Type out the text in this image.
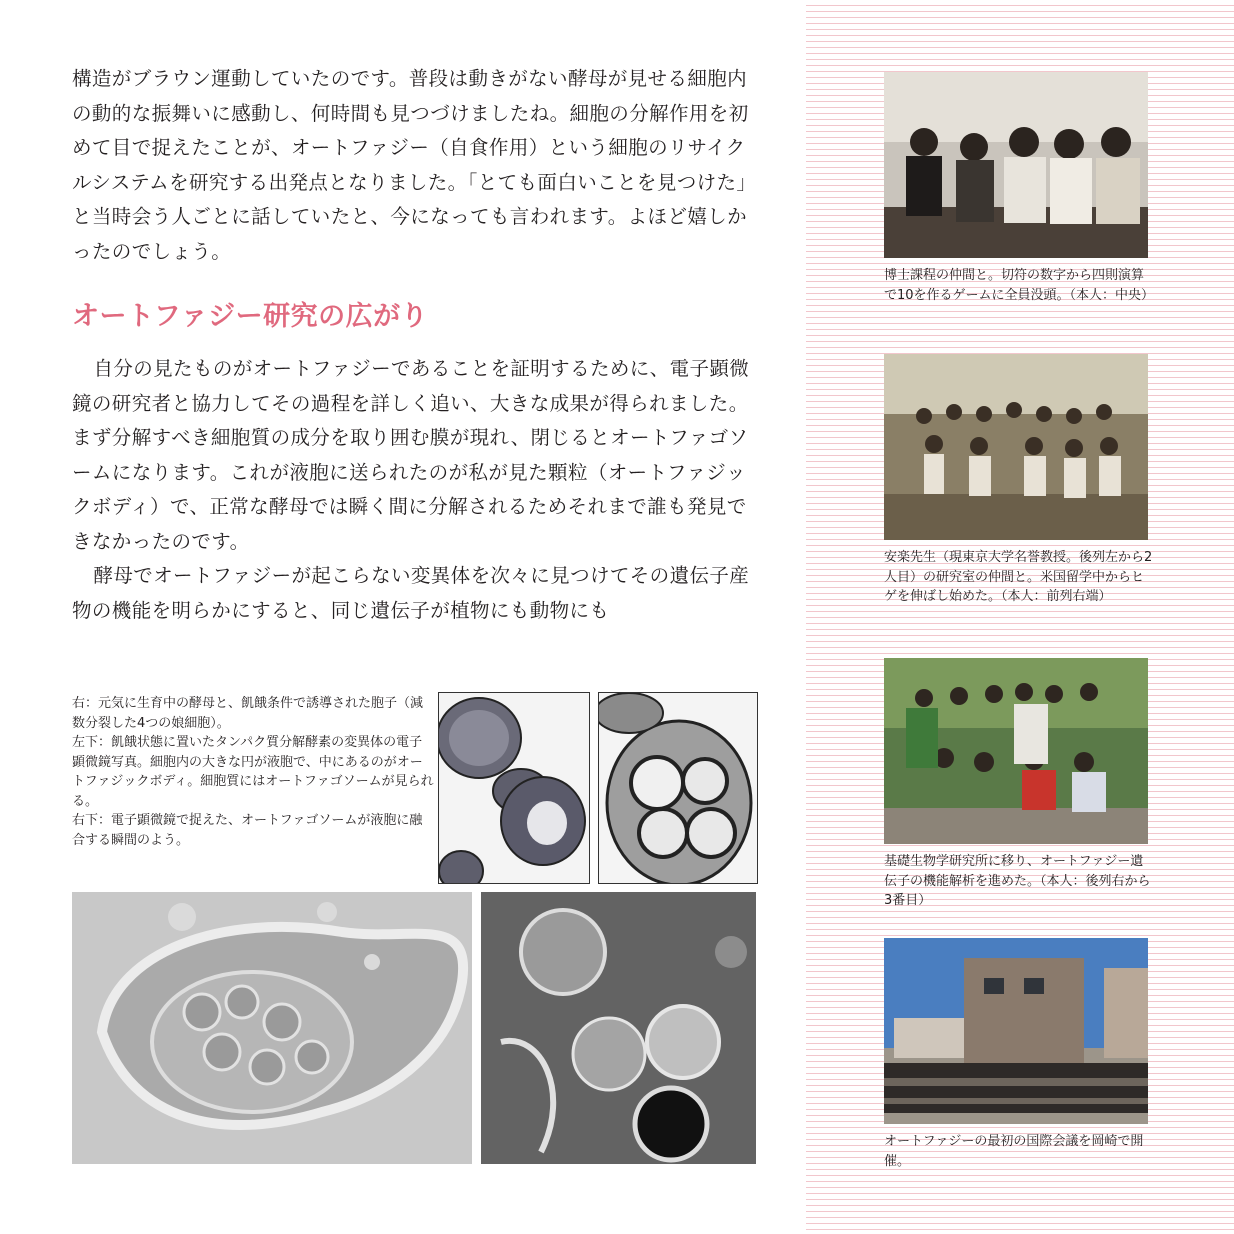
構造がブラウン運動していたのです。普段は動きがない酵母が見せる細胞内の動的な振舞いに感動し、何時間も見つづけましたね。細胞の分解作用を初めて目で捉えたことが、オートファジー（自食作用）という細胞のリサイクルシステムを研究する出発点となりました。「とても面白いことを見つけた」と当時会う人ごとに話していたと、今になっても言われます。よほど嬉しかったのでしょう。

オートファジー研究の広がり

自分の見たものがオートファジーであることを証明するために、電子顕微鏡の研究者と協力してその過程を詳しく追い、大きな成果が得られました。まず分解すべき細胞質の成分を取り囲む膜が現れ、閉じるとオートファゴソームになります。これが液胞に送られたのが私が見た顆粒（オートファジックボディ）で、正常な酵母では瞬く間に分解されるためそれまで誰も発見できなかったのです。

酵母でオートファジーが起こらない変異体を次々に見つけてその遺伝子産物の機能を明らかにすると、同じ遺伝子が植物にも動物にも

右：元気に生育中の酵母と、飢餓条件で誘導された胞子（減数分裂した4つの娘細胞）。
左下：飢餓状態に置いたタンパク質分解酵素の変異体の電子顕微鏡写真。細胞内の大きな円が液胞で、中にあるのがオートファジックボディ。細胞質にはオートファゴソームが見られる。
右下：電子顕微鏡で捉えた、オートファゴソームが液胞に融合する瞬間のよう。
博士課程の仲間と。切符の数字から四則演算で10を作るゲームに全員没頭。（本人：中央）
安楽先生（現東京大学名誉教授。後列左から2人目）の研究室の仲間と。米国留学中からヒゲを伸ばし始めた。（本人：前列右端）
基礎生物学研究所に移り、オートファジー遺伝子の機能解析を進めた。（本人：後列右から3番目）
オートファジーの最初の国際会議を岡崎で開催。
